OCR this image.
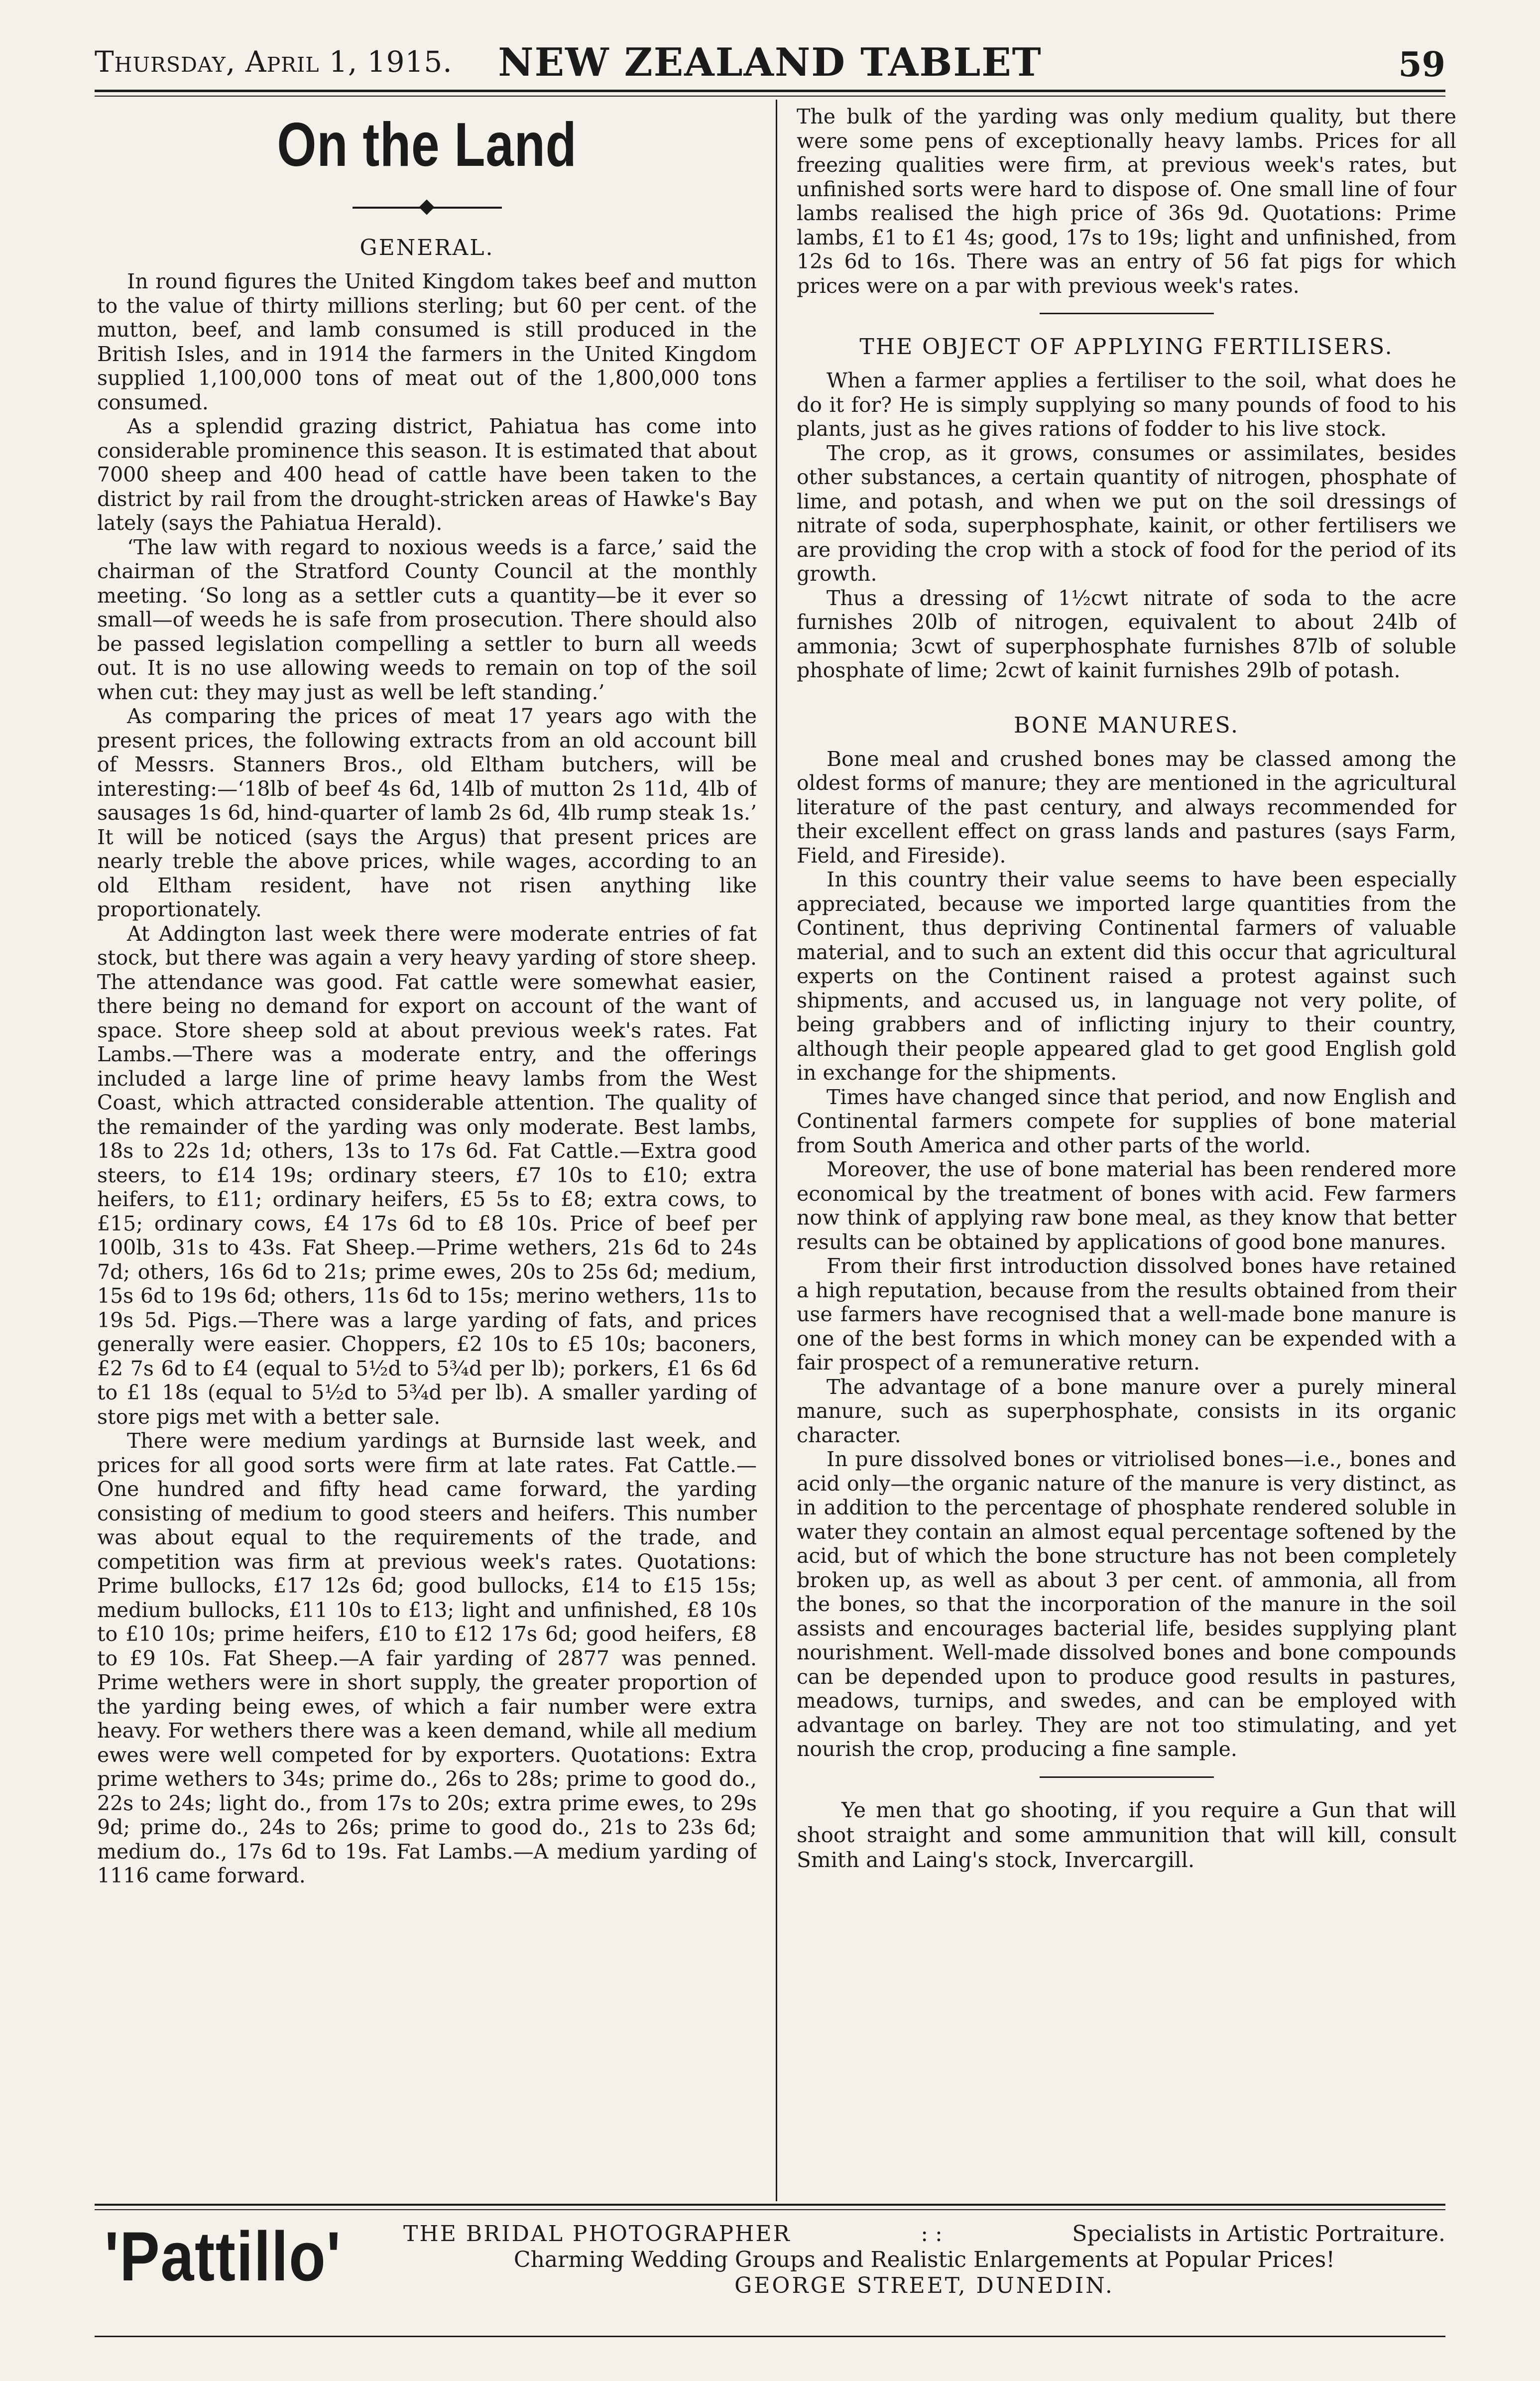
Thursday, April 1, 1915.	NEW ZEALAND TABLET	59
On the Land
GENERAL.

In round figures the United Kingdom takes beef and mutton to the value of thirty millions sterling; but 60 per cent. of the mutton, beef, and lamb consumed is still produced in the British Isles, and in 1914 the farmers in the United Kingdom supplied 1,100,000 tons of meat out of the 1,800,000 tons consumed.

As a splendid grazing district, Pahiatua has come into considerable prominence this season. It is estimated that about 7000 sheep and 400 head of cattle have been taken to the district by rail from the drought-stricken areas of Hawke's Bay lately (says the Pahiatua Herald).

‘The law with regard to noxious weeds is a farce,’ said the chairman of the Stratford County Council at the monthly meeting. ‘So long as a settler cuts a quantity—be it ever so small—of weeds he is safe from prosecution. There should also be passed legislation compelling a settler to burn all weeds out. It is no use allowing weeds to remain on top of the soil when cut: they may just as well be left standing.’

As comparing the prices of meat 17 years ago with the present prices, the following extracts from an old account bill of Messrs. Stanners Bros., old Eltham butchers, will be interesting:—‘18lb of beef 4s 6d, 14lb of mutton 2s 11d, 4lb of sausages 1s 6d, hind-quarter of lamb 2s 6d, 4lb rump steak 1s.’ It will be noticed (says the Argus) that present prices are nearly treble the above prices, while wages, according to an old Eltham resident, have not risen anything like proportionately.

At Addington last week there were moderate entries of fat stock, but there was again a very heavy yarding of store sheep. The attendance was good. Fat cattle were somewhat easier, there being no demand for export on account of the want of space. Store sheep sold at about previous week's rates. Fat Lambs.—There was a moderate entry, and the offerings included a large line of prime heavy lambs from the West Coast, which attracted considerable attention. The quality of the remainder of the yarding was only moderate. Best lambs, 18s to 22s 1d; others, 13s to 17s 6d. Fat Cattle.—Extra good steers, to £14 19s; ordinary steers, £7 10s to £10; extra heifers, to £11; ordinary heifers, £5 5s to £8; extra cows, to £15; ordinary cows, £4 17s 6d to £8 10s. Price of beef per 100lb, 31s to 43s. Fat Sheep.—Prime wethers, 21s 6d to 24s 7d; others, 16s 6d to 21s; prime ewes, 20s to 25s 6d; medium, 15s 6d to 19s 6d; others, 11s 6d to 15s; merino wethers, 11s to 19s 5d. Pigs.—There was a large yarding of fats, and prices generally were easier. Choppers, £2 10s to £5 10s; baconers, £2 7s 6d to £4 (equal to 5½d to 5¾d per lb); porkers, £1 6s 6d to £1 18s (equal to 5½d to 5¾d per lb). A smaller yarding of store pigs met with a better sale.

There were medium yardings at Burnside last week, and prices for all good sorts were firm at late rates. Fat Cattle.—One hundred and fifty head came forward, the yarding consisting of medium to good steers and heifers. This number was about equal to the requirements of the trade, and competition was firm at previous week's rates. Quotations: Prime bullocks, £17 12s 6d; good bullocks, £14 to £15 15s; medium bullocks, £11 10s to £13; light and unfinished, £8 10s to £10 10s; prime heifers, £10 to £12 17s 6d; good heifers, £8 to £9 10s. Fat Sheep.—A fair yarding of 2877 was penned. Prime wethers were in short supply, the greater proportion of the yarding being ewes, of which a fair number were extra heavy. For wethers there was a keen demand, while all medium ewes were well competed for by exporters. Quotations: Extra prime wethers to 34s; prime do., 26s to 28s; prime to good do., 22s to 24s; light do., from 17s to 20s; extra prime ewes, to 29s 9d; prime do., 24s to 26s; prime to good do., 21s to 23s 6d; medium do., 17s 6d to 19s. Fat Lambs.—A medium yarding of 1116 came forward.

The bulk of the yarding was only medium quality, but there were some pens of exceptionally heavy lambs. Prices for all freezing qualities were firm, at previous week's rates, but unfinished sorts were hard to dispose of. One small line of four lambs realised the high price of 36s 9d. Quotations: Prime lambs, £1 to £1 4s; good, 17s to 19s; light and unfinished, from 12s 6d to 16s. There was an entry of 56 fat pigs for which prices were on a par with previous week's rates.

THE OBJECT OF APPLYING FERTILISERS.

When a farmer applies a fertiliser to the soil, what does he do it for? He is simply supplying so many pounds of food to his plants, just as he gives rations of fodder to his live stock.

The crop, as it grows, consumes or assimilates, besides other substances, a certain quantity of nitrogen, phosphate of lime, and potash, and when we put on the soil dressings of nitrate of soda, superphosphate, kainit, or other fertilisers we are providing the crop with a stock of food for the period of its growth.

Thus a dressing of 1½cwt nitrate of soda to the acre furnishes 20lb of nitrogen, equivalent to about 24lb of ammonia; 3cwt of superphosphate furnishes 87lb of soluble phosphate of lime; 2cwt of kainit furnishes 29lb of potash.

BONE MANURES.

Bone meal and crushed bones may be classed among the oldest forms of manure; they are mentioned in the agricultural literature of the past century, and always recommended for their excellent effect on grass lands and pastures (says Farm, Field, and Fireside).

In this country their value seems to have been especially appreciated, because we imported large quantities from the Continent, thus depriving Continental farmers of valuable material, and to such an extent did this occur that agricultural experts on the Continent raised a protest against such shipments, and accused us, in language not very polite, of being grabbers and of inflicting injury to their country, although their people appeared glad to get good English gold in exchange for the shipments.

Times have changed since that period, and now English and Continental farmers compete for supplies of bone material from South America and other parts of the world.

Moreover, the use of bone material has been rendered more economical by the treatment of bones with acid. Few farmers now think of applying raw bone meal, as they know that better results can be obtained by applications of good bone manures.

From their first introduction dissolved bones have retained a high reputation, because from the results obtained from their use farmers have recognised that a well-made bone manure is one of the best forms in which money can be expended with a fair prospect of a remunerative return.

The advantage of a bone manure over a purely mineral manure, such as superphosphate, consists in its organic character.

In pure dissolved bones or vitriolised bones—i.e., bones and acid only—the organic nature of the manure is very distinct, as in addition to the percentage of phosphate rendered soluble in water they contain an almost equal percentage softened by the acid, but of which the bone structure has not been completely broken up, as well as about 3 per cent. of ammonia, all from the bones, so that the incorporation of the manure in the soil assists and encourages bacterial life, besides supplying plant nourishment. Well-made dissolved bones and bone compounds can be depended upon to produce good results in pastures, meadows, turnips, and swedes, and can be employed with advantage on barley. They are not too stimulating, and yet nourish the crop, producing a fine sample.

Ye men that go shooting, if you require a Gun that will shoot straight and some ammunition that will kill, consult Smith and Laing's stock, Invercargill.
'Pattillo'	THE BRIDAL PHOTOGRAPHER	: :	Specialists in Artistic Portraiture.
Charming Wedding Groups and Realistic Enlargements at Popular Prices!
GEORGE STREET, DUNEDIN.
